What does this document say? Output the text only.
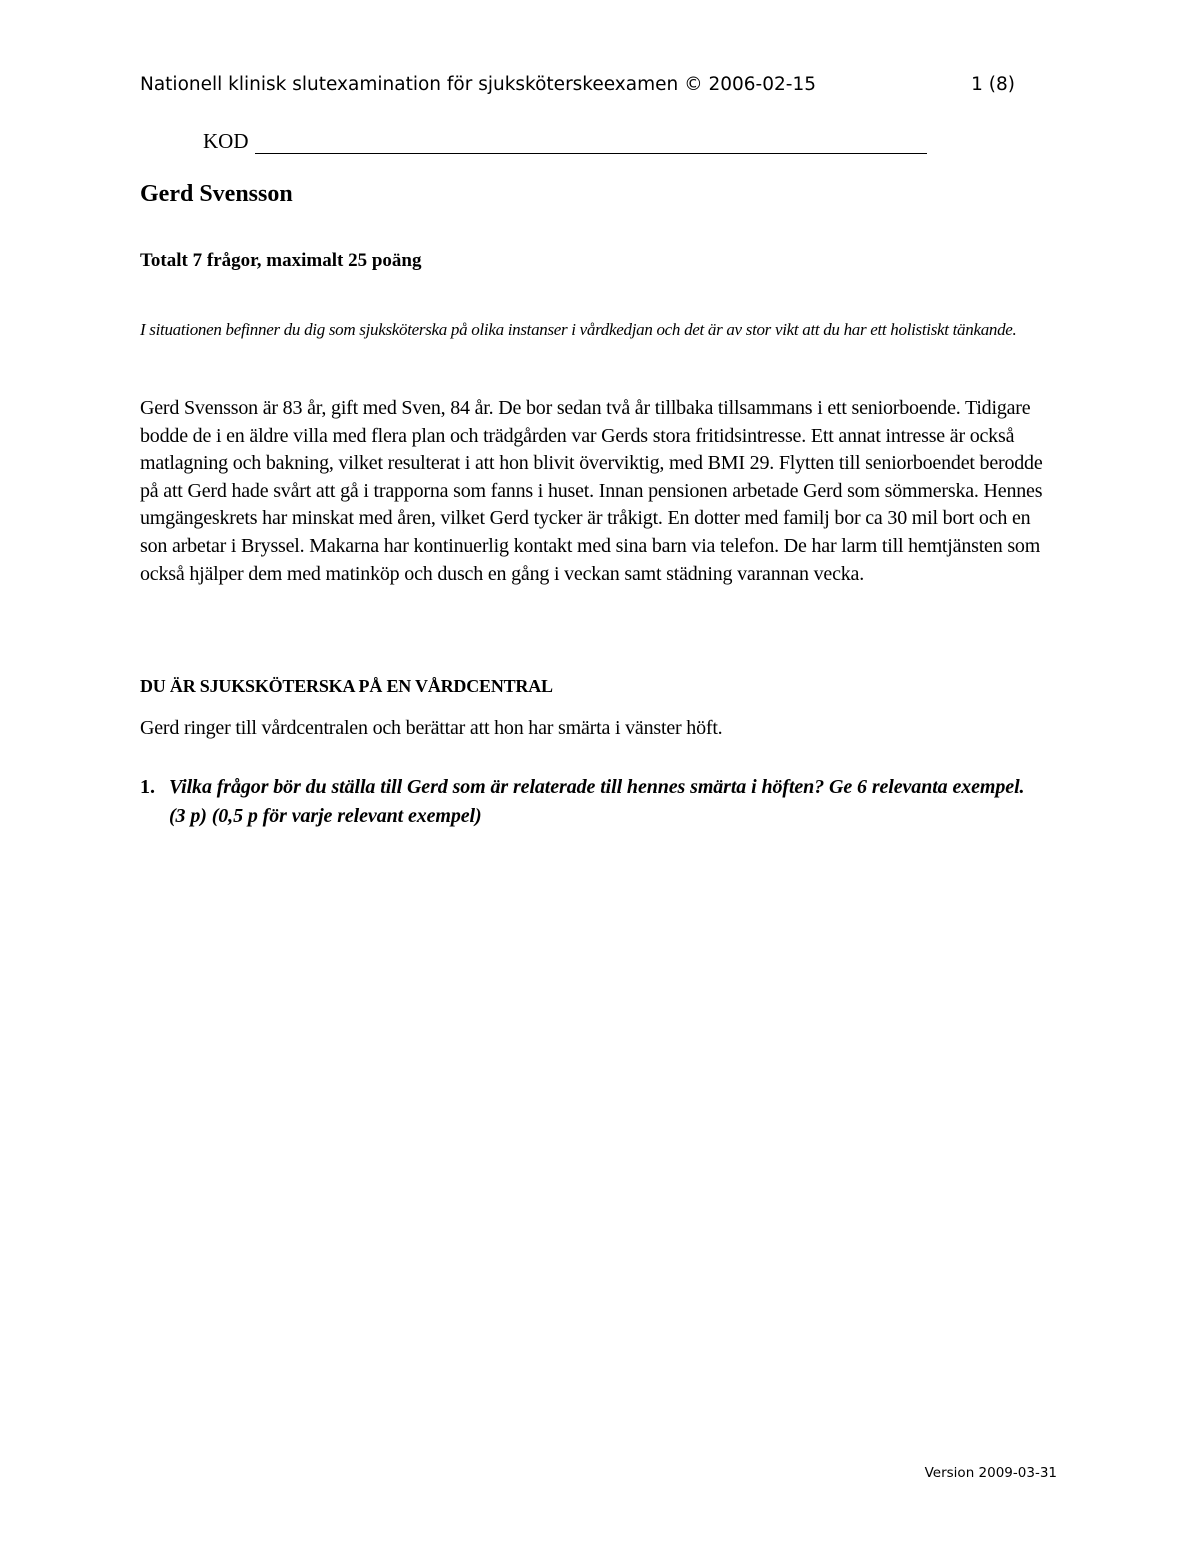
Nationell klinisk slutexamination för sjuksköterskeexamen © 2006-02-15	1 (8)
KOD
Gerd Svensson
Totalt 7 frågor, maximalt 25 poäng
I situationen befinner du dig som sjuksköterska på olika instanser i vårdkedjan och det är av stor vikt att du har ett holistiskt tänkande.
Gerd Svensson är 83 år, gift med Sven, 84 år. De bor sedan två år tillbaka tillsammans i ett seniorboende. Tidigare bodde de i en äldre villa med flera plan och trädgården var Gerds stora fritidsintresse. Ett annat intresse är också matlagning och bakning, vilket resulterat i att hon blivit överviktig, med BMI 29. Flytten till seniorboendet berodde på att Gerd hade svårt att gå i trapporna som fanns i huset. Innan pensionen arbetade Gerd som sömmerska. Hennes umgängeskrets har minskat med åren, vilket Gerd tycker är tråkigt. En dotter med familj bor ca 30 mil bort och en son arbetar i Bryssel. Makarna har kontinuerlig kontakt med sina barn via telefon. De har larm till hemtjänsten som också hjälper dem med matinköp och dusch en gång i veckan samt städning varannan vecka.
DU ÄR SJUKSKÖTERSKA PÅ EN VÅRDCENTRAL
Gerd ringer till vårdcentralen och berättar att hon har smärta i vänster höft.
1. Vilka frågor bör du ställa till Gerd som är relaterade till hennes smärta i höften? Ge 6 relevanta exempel. (3 p) (0,5 p för varje relevant exempel)
Version 2009-03-31
